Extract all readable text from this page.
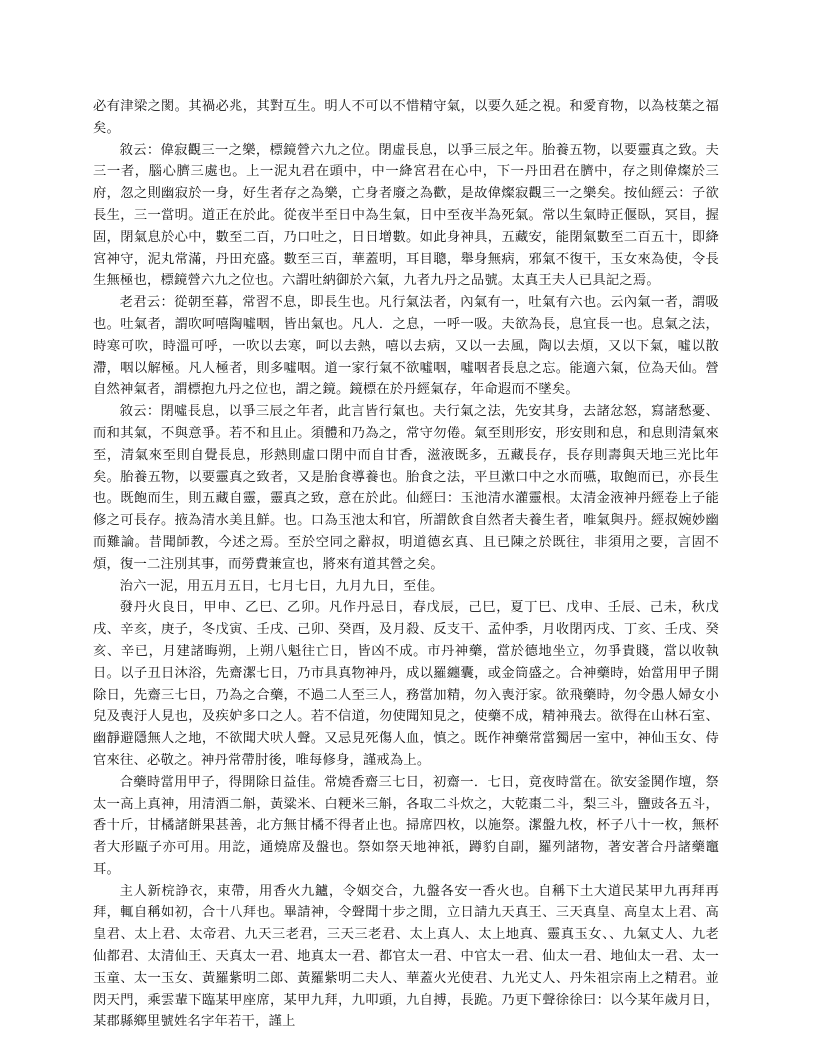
必有津梁之閡。其禍必兆，其對互生。明人不可以不惜精守氣，以要久延之視。和愛育物，以為枝葉之福矣。

敘云：偉寂觀三一之樂，標鏡營六九之位。閉虛長息，以爭三辰之年。胎養五物，以要靈真之致。夫三一者，腦心臍三處也。上一泥丸君在頭中，中一絳宮君在心中，下一丹田君在臍中，存之則偉燦於三府，忽之則幽寂於一身，好生者存之為樂，亡身者廢之為歡，是故偉燦寂觀三一之樂矣。按仙經云：子欲長生，三一當明。道正在於此。從夜半至日中為生氣，日中至夜半為死氣。常以生氣時正偃臥，冥目，握固，閉氣息於心中，數至二百，乃口吐之，日日增數。如此身神具，五藏安，能閉氣數至二百五十，即絳宮神守，泥丸常滿，丹田充盛。數至三百，華蓋明，耳目聰，舉身無病，邪氣不復干，玉女來為使，令長生無極也，標鏡營六九之位也。六謂吐納御於六氣，九者九丹之品號。太真王夫人已具記之焉。

老君云：從朝至暮，常習不息，即長生也。凡行氣法者，內氣有一，吐氣有六也。云內氣一者，謂吸也。吐氣者，謂吹呵嘻陶噓咽，皆出氣也。凡人．之息，一呼一吸。夫欲為長，息宜長一也。息氣之法，時寒可吹，時溫可呼，一吹以去寒，呵以去熱，嘻以去病，又以一去風，陶以去煩，又以下氣，噓以散滯，咽以解極。凡人極者，則多噓咽。道一家行氣不欲噓咽，噓咽者長息之忘。能適六氣，位為天仙。營自然神氣者，謂標抱九丹之位也，謂之鏡。鏡標在於丹經氣存，年命遐而不墜矣。

敘云：閉噓長息，以爭三辰之年者，此言皆行氣也。夫行氣之法，先安其身，去諸忿怒，寫諸愁憂、而和其氣，不與意爭。若不和且止。須體和乃為之，常守勿倦。氣至則形安，形安則和息，和息則清氣來至，清氣來至則自覺長息，形熱則虛口閉中而自甘香，滋液既多，五藏長存，長存則壽與天地三光比年矣。胎養五物，以要靈真之致者，又是胎食導養也。胎食之法，平旦漱口中之水而嚥，取飽而已，亦長生也。既飽而生，則五藏自靈，靈真之致，意在於此。仙經曰：玉池清水灌靈根。太清金液神丹經卷上子能修之可長存。掖為清水美且鮮。也。口為玉池太和官，所謂飲食自然者夫養生者，唯氣與丹。經叔婉妙幽而難論。昔聞師教，今述之焉。至於空同之辭叔，明道德玄真、且已陳之於既往，非須用之要，言固不煩，復一二注別其事，而勞費兼宣也，將來有道其營之矣。

治六一泥，用五月五日，七月七日，九月九日，至佳。

發丹火良日，甲申、乙巳、乙卯。凡作丹忌日，春戊辰，己巳，夏丁巳、戊申、壬辰、己未，秋戊戌、辛亥，庚子，冬戊寅、壬戌、己卯、癸酉，及月殺、反支干、孟仲季，月收閉丙戌、丁亥、壬戌、癸亥、辛已，月建諸晦朔，上朔八魁往亡日，皆凶不成。市丹神藥，當於德地坐立，勿爭貴賤，當以收執日。以子丑日沐浴，先齋潔七日，乃市具真物神丹，成以羅纏囊，或金筒盛之。合神藥時，始當用甲子開除日，先齋三七日，乃為之合藥，不過二人至三人，務當加精，勿入喪汙家。欲飛藥時，勿令愚人婦女小兒及喪汙人見也，及疾妒多口之人。若不信道，勿使聞知見之，使藥不成，精神飛去。欲得在山林石室、幽靜避隱無人之地，不欲聞犬吠人聲。又忌見死傷人血，慎之。既作神藥常當獨居一室中，神仙玉女、侍官來往、必敬之。神丹常帶肘後，唯每修身，謹戒為上。

合藥時當用甲子，得開除日益佳。常燒香齋三七日，初齋一．七日，竟夜時當在。欲安釜鬨作壇，祭太一高上真神，用清酒二斛，黃粱米、白粳米三斛，各取二斗炊之，大乾棗二斗，梨三斗，鹽豉各五斗，香十斤，甘橘諸餅果甚善，北方無甘橘不得者止也。掃席四枚，以施祭。潔盤九枚，杯子八十一枚，無杯者大形甌子亦可用。用訖，通燒席及盤也。祭如祭天地神祇，蹲豹自副，羅列諸物，著安著合丹諸藥竈耳。

主人新梡諍衣，束帶，用香火九鑪，令姻交合，九盤各安一香火也。自稱下土大道民某甲九再拜再拜，輒自稱如初，合十八拜也。畢請神，令聲聞十步之閒，立日請九天真王、三天真皇、高皇太上君、高皇君、太上君、太帝君、九天三老君，三天三老君、太上真人、太上地真、靈真玉女、、九氣丈人、九老仙都君、太清仙王、天真太一君、地真太一君、都官太一君、中官太一君、仙太一君、地仙太一君、太一玉童、太一玉女、黃羅紫明二郎、黃羅紫明二夫人、華蓋火光使君、九光丈人、丹朱祖宗南上之精君。並閃天門，乘雲輩下臨某甲座席，某甲九拜，九叩頭，九自搏，長跪。乃更下聲徐徐曰：以今某年歲月日，某郡縣鄉里號姓名字年若干，謹上
